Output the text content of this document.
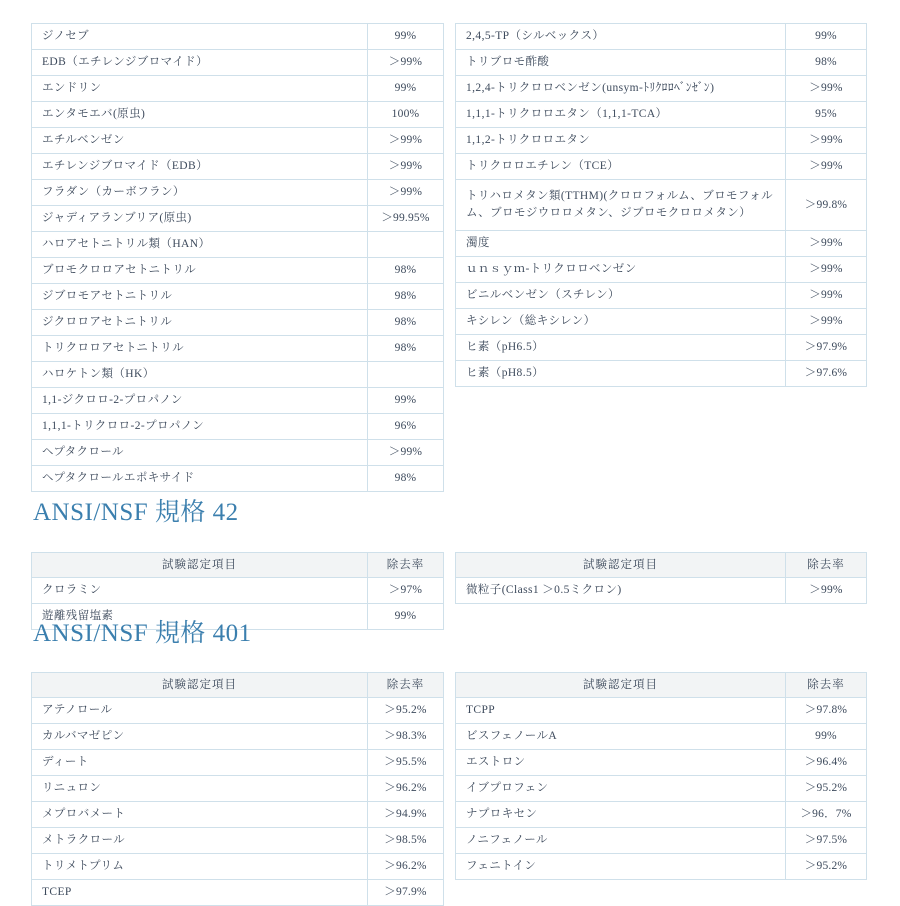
ジノセブ	99%
EDB（エチレンジブロマイド）	＞99%
エンドリン	99%
エンタモエバ(原虫)	100%
エチルベンゼン	＞99%
エチレンジブロマイド（EDB）	＞99%
フラダン（カーボフラン）	＞99%
ジャディアランブリア(原虫)	＞99.95%
ハロアセトニトリル類（HAN）	
ブロモクロロアセトニトリル	98%
ジブロモアセトニトリル	98%
ジクロロアセトニトリル	98%
トリクロロアセトニトリル	98%
ハロケトン類（HK）	
1,1-ジクロロ-2-プロパノン	99%
1,1,1-トリクロロ-2-プロパノン	96%
ヘプタクロール	＞99%
ヘプタクロールエポキサイド	98%
2,4,5-TP（シルベックス）	99%
トリブロモ酢酸	98%
1,2,4-トリクロロベンゼン(unsym-ﾄﾘｸﾛﾛﾍﾞﾝｾﾞﾝ)	＞99%
1,1,1-トリクロロエタン（1,1,1-TCA）	95%
1,1,2-トリクロロエタン	＞99%
トリクロロエチレン（TCE）	＞99%
トリハロメタン類(TTHM)(クロロフォルム、ブロモフォルム、ブロモジウロロメタン、ジブロモクロロメタン）	＞99.8%
濁度	＞99%
ｕｎｓｙｍ-トリクロロベンゼン	＞99%
ビニルベンゼン（スチレン）	＞99%
キシレン（総キシレン）	＞99%
ヒ素（pH6.5）	＞97.9%
ヒ素（pH8.5）	＞97.6%
ANSI/NSF 規格 42
試験認定項目	除去率
クロラミン	＞97%
遊離残留塩素	99%
試験認定項目	除去率
微粒子(Class1 ＞0.5ミクロン)	＞99%
ANSI/NSF 規格 401
試験認定項目	除去率
アテノロール	＞95.2%
カルバマゼピン	＞98.3%
ディート	＞95.5%
リニュロン	＞96.2%
メプロバメート	＞94.9%
メトラクロール	＞98.5%
トリメトプリム	＞96.2%
TCEP	＞97.9%
試験認定項目	除去率
TCPP	＞97.8%
ビスフェノールA	99%
エストロン	＞96.4%
イブプロフェン	＞95.2%
ナプロキセン	＞96．7%
ノニフェノール	＞97.5%
フェニトイン	＞95.2%
